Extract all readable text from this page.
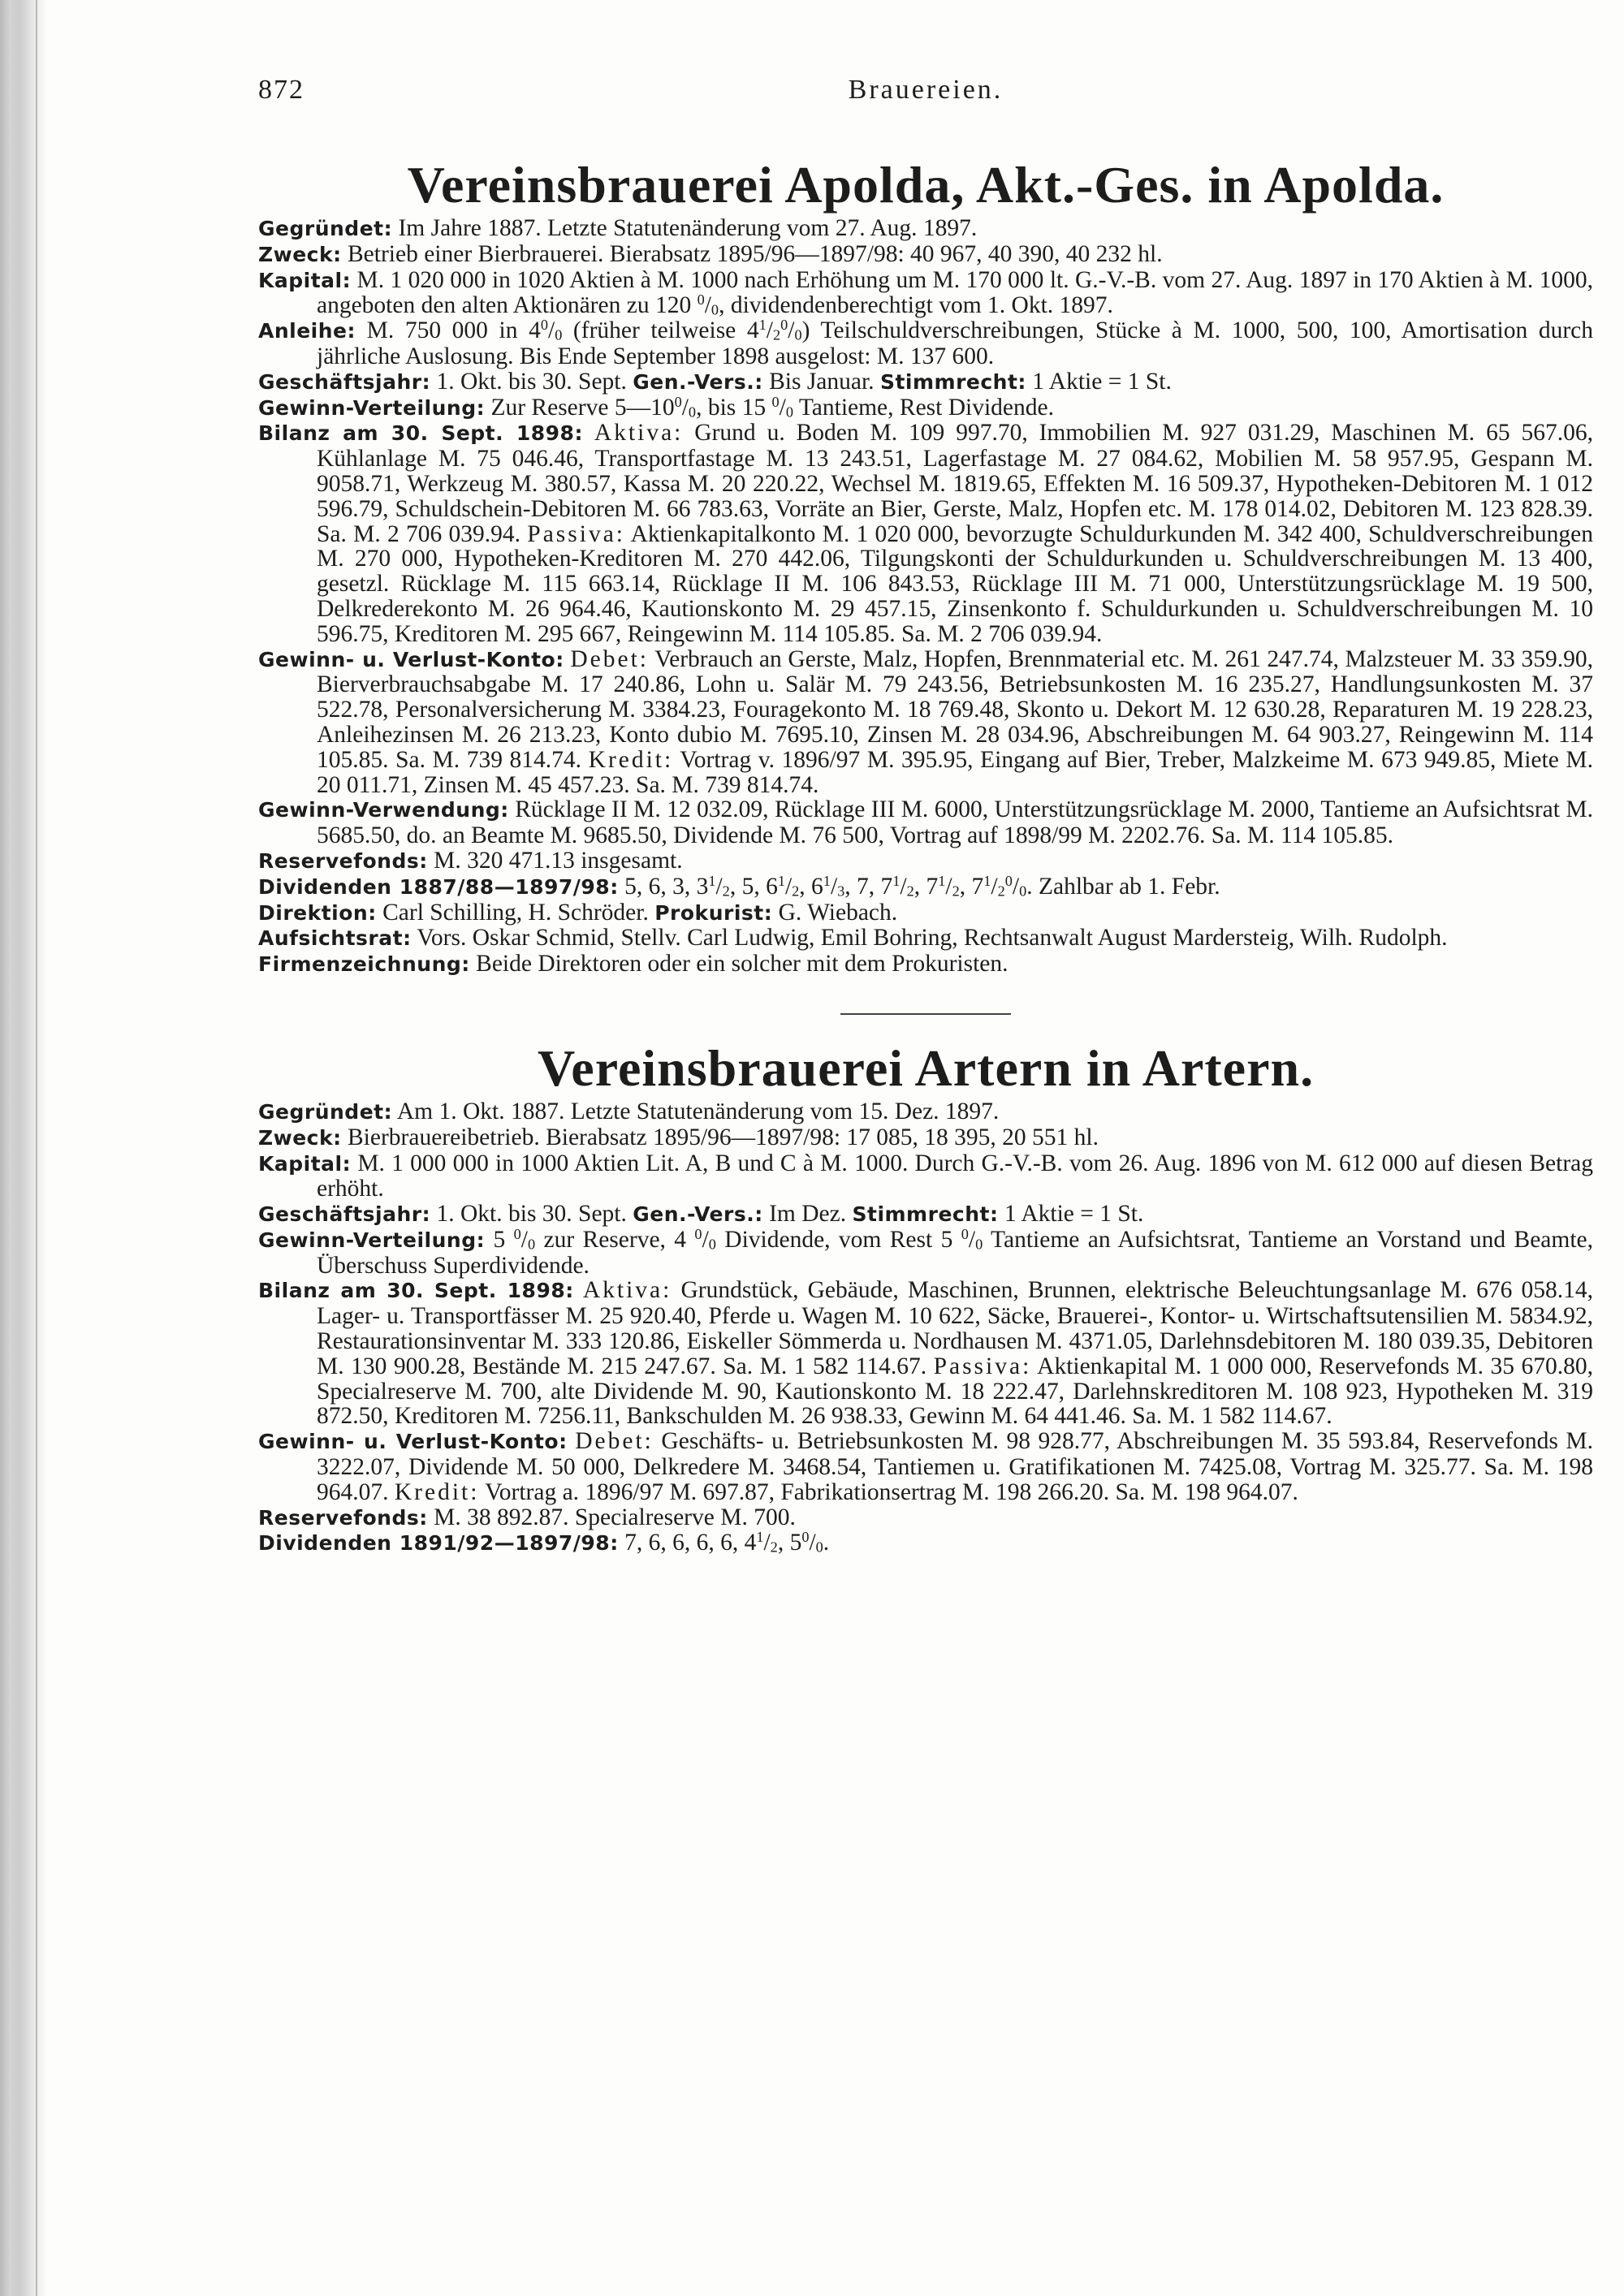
872	Brauereien.
Vereinsbrauerei Apolda, Akt.-Ges. in Apolda.

Gegründet: Im Jahre 1887. Letzte Statutenänderung vom 27. Aug. 1897.

Zweck: Betrieb einer Bierbrauerei. Bierabsatz 1895/96—1897/98: 40 967, 40 390, 40 232 hl.

Kapital: M. 1 020 000 in 1020 Aktien à M. 1000 nach Erhöhung um M. 170 000 lt. G.-V.-B. vom 27. Aug. 1897 in 170 Aktien à M. 1000, angeboten den alten Aktionären zu 120 $^0/_0$, dividendenberechtigt vom 1. Okt. 1897.

Anleihe: M. 750 000 in $4^0/_0$ (früher teilweise $4^1/_2^0/_0$) Teilschuldverschreibungen, Stücke à M. 1000, 500, 100, Amortisation durch jährliche Auslosung. Bis Ende September 1898 ausgelost: M. 137 600.

Geschäftsjahr: 1. Okt. bis 30. Sept. Gen.-Vers.: Bis Januar. Stimmrecht: 1 Aktie = 1 St.

Gewinn-Verteilung: Zur Reserve $5—10^0/_0$, bis 15 $^0/_0$ Tantieme, Rest Dividende.

Bilanz am 30. Sept. 1898: Aktiva: Grund u. Boden M. 109 997.70, Immobilien M. 927 031.29, Maschinen M. 65 567.06, Kühlanlage M. 75 046.46, Transportfastage M. 13 243.51, Lagerfastage M. 27 084.62, Mobilien M. 58 957.95, Gespann M. 9058.71, Werkzeug M. 380.57, Kassa M. 20 220.22, Wechsel M. 1819.65, Effekten M. 16 509.37, Hypotheken-Debitoren M. 1 012 596.79, Schuldschein-Debitoren M. 66 783.63, Vorräte an Bier, Gerste, Malz, Hopfen etc. M. 178 014.02, Debitoren M. 123 828.39. Sa. M. 2 706 039.94. Passiva: Aktienkapitalkonto M. 1 020 000, bevorzugte Schuldurkunden M. 342 400, Schuldverschreibungen M. 270 000, Hypotheken-Kreditoren M. 270 442.06, Tilgungskonti der Schuldurkunden u. Schuldverschreibungen M. 13 400, gesetzl. Rücklage M. 115 663.14, Rücklage II M. 106 843.53, Rücklage III M. 71 000, Unterstützungsrücklage M. 19 500, Delkrederekonto M. 26 964.46, Kautionskonto M. 29 457.15, Zinsenkonto f. Schuldurkunden u. Schuldverschreibungen M. 10 596.75, Kreditoren M. 295 667, Reingewinn M. 114 105.85. Sa. M. 2 706 039.94.

Gewinn- u. Verlust-Konto: Debet: Verbrauch an Gerste, Malz, Hopfen, Brennmaterial etc. M. 261 247.74, Malzsteuer M. 33 359.90, Bierverbrauchsabgabe M. 17 240.86, Lohn u. Salär M. 79 243.56, Betriebsunkosten M. 16 235.27, Handlungsunkosten M. 37 522.78, Personalversicherung M. 3384.23, Fouragekonto M. 18 769.48, Skonto u. Dekort M. 12 630.28, Reparaturen M. 19 228.23, Anleihezinsen M. 26 213.23, Konto dubio M. 7695.10, Zinsen M. 28 034.96, Abschreibungen M. 64 903.27, Reingewinn M. 114 105.85. Sa. M. 739 814.74. Kredit: Vortrag v. 1896/97 M. 395.95, Eingang auf Bier, Treber, Malzkeime M. 673 949.85, Miete M. 20 011.71, Zinsen M. 45 457.23. Sa. M. 739 814.74.

Gewinn-Verwendung: Rücklage II M. 12 032.09, Rücklage III M. 6000, Unterstützungsrücklage M. 2000, Tantieme an Aufsichtsrat M. 5685.50, do. an Beamte M. 9685.50, Dividende M. 76 500, Vortrag auf 1898/99 M. 2202.76. Sa. M. 114 105.85.

Reservefonds: M. 320 471.13 insgesamt.

Dividenden 1887/88—1897/98: 5, 6, 3, $3^1/_2$, 5, $6^1/_2$, $6^1/_3$, 7, $7^1/_2$, $7^1/_2$, $7^1/_2^0/_0$. Zahlbar ab 1. Febr.

Direktion: Carl Schilling, H. Schröder. Prokurist: G. Wiebach.

Aufsichtsrat: Vors. Oskar Schmid, Stellv. Carl Ludwig, Emil Bohring, Rechtsanwalt August Mardersteig, Wilh. Rudolph.

Firmenzeichnung: Beide Direktoren oder ein solcher mit dem Prokuristen.

Vereinsbrauerei Artern in Artern.

Gegründet: Am 1. Okt. 1887. Letzte Statutenänderung vom 15. Dez. 1897.

Zweck: Bierbrauereibetrieb. Bierabsatz 1895/96—1897/98: 17 085, 18 395, 20 551 hl.

Kapital: M. 1 000 000 in 1000 Aktien Lit. A, B und C à M. 1000. Durch G.-V.-B. vom 26. Aug. 1896 von M. 612 000 auf diesen Betrag erhöht.

Geschäftsjahr: 1. Okt. bis 30. Sept. Gen.-Vers.: Im Dez. Stimmrecht: 1 Aktie = 1 St.

Gewinn-Verteilung: 5 $^0/_0$ zur Reserve, 4 $^0/_0$ Dividende, vom Rest 5 $^0/_0$ Tantieme an Aufsichtsrat, Tantieme an Vorstand und Beamte, Überschuss Superdividende.

Bilanz am 30. Sept. 1898: Aktiva: Grundstück, Gebäude, Maschinen, Brunnen, elektrische Beleuchtungsanlage M. 676 058.14, Lager- u. Transportfässer M. 25 920.40, Pferde u. Wagen M. 10 622, Säcke, Brauerei-, Kontor- u. Wirtschaftsutensilien M. 5834.92, Restaurationsinventar M. 333 120.86, Eiskeller Sömmerda u. Nordhausen M. 4371.05, Darlehnsdebitoren M. 180 039.35, Debitoren M. 130 900.28, Bestände M. 215 247.67. Sa. M. 1 582 114.67. Passiva: Aktienkapital M. 1 000 000, Reservefonds M. 35 670.80, Specialreserve M. 700, alte Dividende M. 90, Kautionskonto M. 18 222.47, Darlehnskreditoren M. 108 923, Hypotheken M. 319 872.50, Kreditoren M. 7256.11, Bankschulden M. 26 938.33, Gewinn M. 64 441.46. Sa. M. 1 582 114.67.

Gewinn- u. Verlust-Konto: Debet: Geschäfts- u. Betriebsunkosten M. 98 928.77, Abschreibungen M. 35 593.84, Reservefonds M. 3222.07, Dividende M. 50 000, Delkredere M. 3468.54, Tantiemen u. Gratifikationen M. 7425.08, Vortrag M. 325.77. Sa. M. 198 964.07. Kredit: Vortrag a. 1896/97 M. 697.87, Fabrikationsertrag M. 198 266.20. Sa. M. 198 964.07.

Reservefonds: M. 38 892.87. Specialreserve M. 700.

Dividenden 1891/92—1897/98: 7, 6, 6, 6, 6, $4^1/_2$, $5^0/_0$.
